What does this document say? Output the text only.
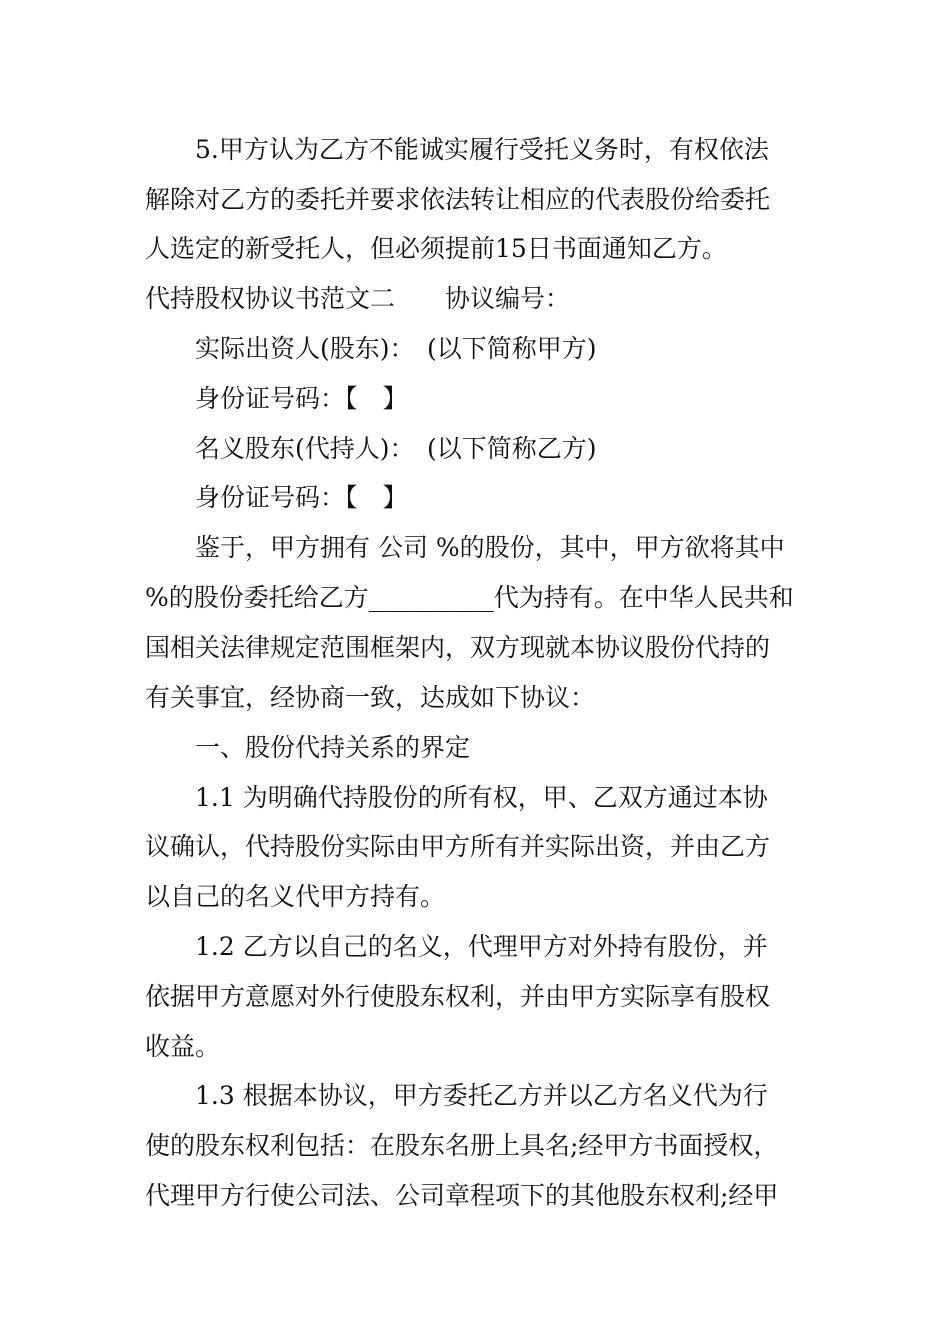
5.甲方认为乙方不能诚实履行受托义务时，有权依法
解除对乙方的委托并要求依法转让相应的代表股份给委托
人选定的新受托人，但必须提前15日书面通知乙方。
代持股权协议书范文二　　协议编号：
实际出资人(股东)：　(以下简称甲方)
身份证号码：【　】
名义股东(代持人)：　(以下简称乙方)
身份证号码：【　】
鉴于，甲方拥有 公司 %的股份，其中，甲方欲将其中
%的股份委托给乙方__________代为持有。在中华人民共和
国相关法律规定范围框架内，双方现就本协议股份代持的
有关事宜，经协商一致，达成如下协议：
一、股份代持关系的界定
1.1 为明确代持股份的所有权，甲、乙双方通过本协
议确认，代持股份实际由甲方所有并实际出资，并由乙方
以自己的名义代甲方持有。
1.2 乙方以自己的名义，代理甲方对外持有股份，并
依据甲方意愿对外行使股东权利，并由甲方实际享有股权
收益。
1.3 根据本协议，甲方委托乙方并以乙方名义代为行
使的股东权利包括：在股东名册上具名;经甲方书面授权，
代理甲方行使公司法、公司章程项下的其他股东权利;经甲
